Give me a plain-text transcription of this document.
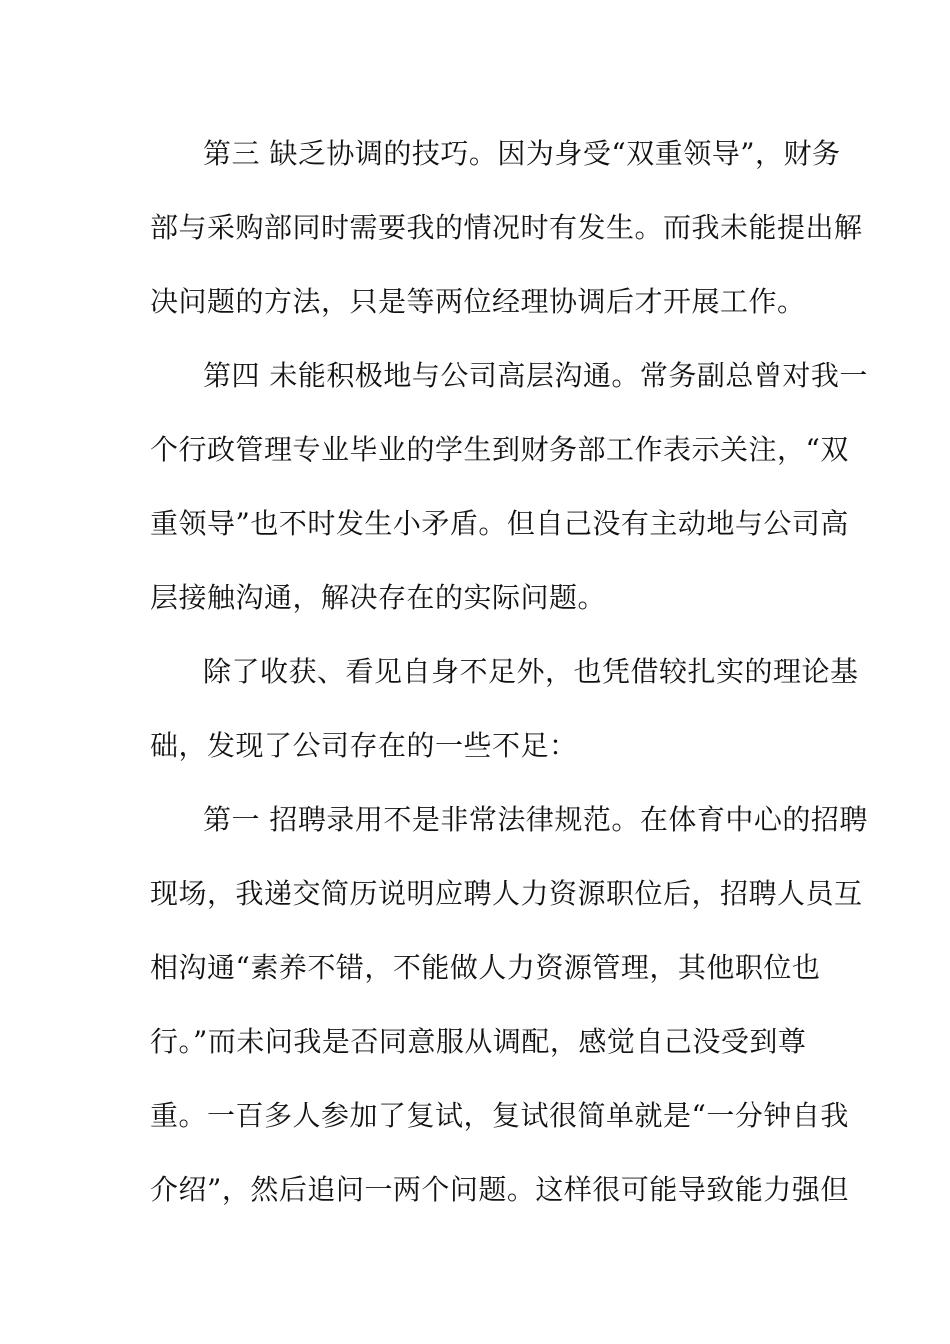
第三 缺乏协调的技巧。因为身受“双重领导”，财务
部与采购部同时需要我的情况时有发生。而我未能提出解
决问题的方法，只是等两位经理协调后才开展工作。
第四 未能积极地与公司高层沟通。常务副总曾对我一
个行政管理专业毕业的学生到财务部工作表示关注，“双
重领导”也不时发生小矛盾。但自己没有主动地与公司高
层接触沟通，解决存在的实际问题。
除了收获、看见自身不足外，也凭借较扎实的理论基
础，发现了公司存在的一些不足：
第一 招聘录用不是非常法律规范。在体育中心的招聘
现场，我递交简历说明应聘人力资源职位后，招聘人员互
相沟通“素养不错，不能做人力资源管理，其他职位也
行。”而未问我是否同意服从调配，感觉自己没受到尊
重。一百多人参加了复试，复试很简单就是“一分钟自我
介绍”，然后追问一两个问题。这样很可能导致能力强但
